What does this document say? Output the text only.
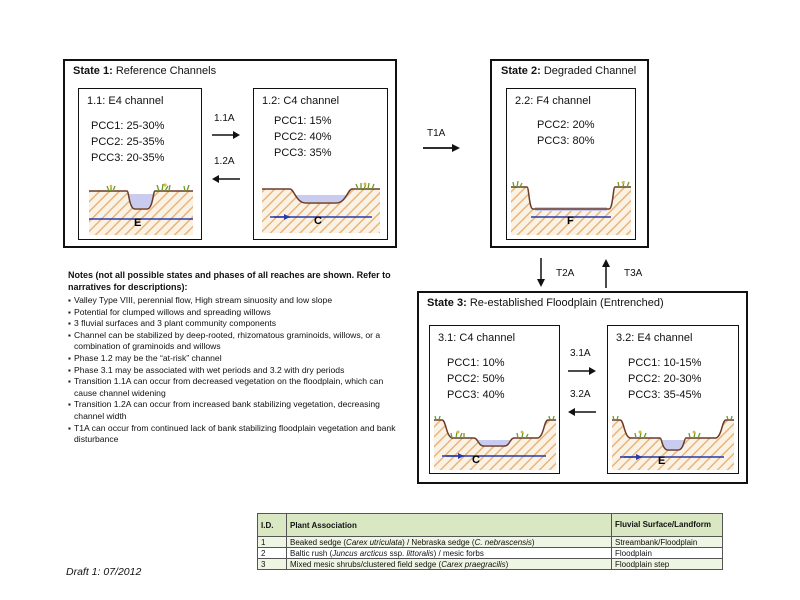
State 1: Reference Channels
1.1: E4 channel
PCC1: 25-30%
PCC2: 25-35%
PCC3: 20-35%
E
1.2: C4 channel
PCC1: 15%
PCC2: 40%
PCC3: 35%
C
1.1A
1.2A
T1A
State 2: Degraded Channel
2.2: F4 channel
PCC2: 20%
PCC3: 80%
F
T2A	T3A
State 3: Re-established Floodplain (Entrenched)
3.1: C4 channel
PCC1: 10%
PCC2: 50%
PCC3: 40%
C
3.1A
3.2A
3.2: E4 channel
PCC1: 10-15%
PCC2: 20-30%
PCC3: 35-45%
E
Notes (not all possible states and phases of all reaches are shown. Refer to narratives for descriptions):
▪ Valley Type VIII, perennial flow, High stream sinuosity and low slope
▪ Potential for clumped willows and spreading willows
▪ 3 fluvial surfaces and 3 plant community components
▪ Channel can be stabilized by deep-rooted, rhizomatous graminoids, willows, or a combination of graminoids and willows
▪ Phase 1.2 may be the “at-risk” channel
▪ Phase 3.1 may be associated with wet periods and 3.2 with dry periods
▪ Transition 1.1A can occur from decreased vegetation on the floodplain, which can cause channel widening
▪ Transition 1.2A can occur from increased bank stabilizing vegetation, decreasing channel width
▪ T1A can occur from continued lack of bank stabilizing floodplain vegetation and bank disturbance
Draft 1: 07/2012
I.D.	Plant Association	Fluvial Surface/Landform
1	Beaked sedge (Carex utriculata) / Nebraska sedge (C. nebrascensis)	Streambank/Floodplain
2	Baltic rush (Juncus arcticus ssp. littoralis) / mesic forbs	Floodplain
3	Mixed mesic shrubs/clustered field sedge (Carex praegracilis)	Floodplain step
